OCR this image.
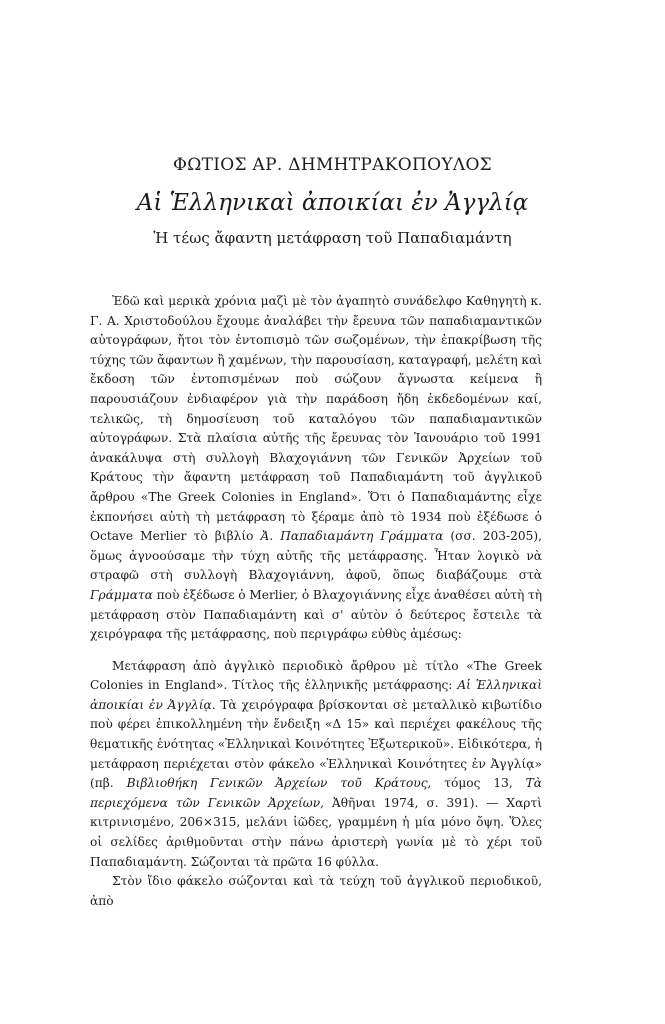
ΦΩΤΙΟΣ ΑΡ. ΔΗΜΗΤΡΑΚΟΠΟΥΛΟΣ
Αἱ Ἑλληνικαὶ ἀποικίαι ἐν Ἀγγλίᾳ
Ἡ τέως ἄφαντη μετάφραση τοῦ Παπαδιαμάντη

Ἐδῶ καὶ μερικὰ χρόνια μαζὶ μὲ τὸν ἀγαπητὸ συνάδελφο Καθηγητὴ κ. Γ. Α. Χριστοδούλου ἔχουμε ἀναλάβει τὴν ἔρευνα τῶν παπαδιαμαντικῶν αὐτογράφων, ἤτοι τὸν ἐντοπισμὸ τῶν σωζομένων, τὴν ἐπακρίβωση τῆς τύχης τῶν ἄφαντων ἢ χαμένων, τὴν παρουσίαση, καταγραφή, μελέτη καὶ ἔκδοση τῶν ἐντοπισμένων ποὺ σώζουν ἄγνωστα κείμενα ἢ παρουσιάζουν ἐνδιαφέρον γιὰ τὴν παράδοση ἤδη ἐκδεδομένων καί, τελικῶς, τὴ δημοσίευση τοῦ καταλόγου τῶν παπαδιαμαντικῶν αὐτογράφων. Στὰ πλαίσια αὐτῆς τῆς ἔρευνας τὸν Ἰανουάριο τοῦ 1991 ἀνακάλυψα στὴ συλλογὴ Βλαχογιάννη τῶν Γενικῶν Ἀρχείων τοῦ Κράτους τὴν ἄφαντη μετάφραση τοῦ Παπαδιαμάντη τοῦ ἀγγλικοῦ ἄρθρου «The Greek Colonies in England». Ὅτι ὁ Παπαδιαμάντης εἶχε ἐκπονήσει αὐτὴ τὴ μετάφραση τὸ ξέραμε ἀπὸ τὸ 1934 ποὺ ἐξέδωσε ὁ Octave Merlier τὸ βιβλίο Ἀ. Παπαδιαμάντη Γράμματα (σσ. 203-205), ὅμως ἀγνοούσαμε τὴν τύχη αὐτῆς τῆς μετάφρασης. Ἦταν λογικὸ νὰ στραφῶ στὴ συλλογὴ Βλαχογιάννη, ἀφοῦ, ὅπως διαβάζουμε στὰ Γράμματα ποὺ ἐξέδωσε ὁ Merlier, ὁ Βλαχογιάννης εἶχε ἀναθέσει αὐτὴ τὴ μετάφραση στὸν Παπαδιαμάντη καὶ σ' αὐτὸν ὁ δεύτερος ἔστειλε τὰ χειρόγραφα τῆς μετάφρασης, ποὺ περιγράφω εὐθὺς ἀμέσως:

Μετάφραση ἀπὸ ἀγγλικὸ περιοδικὸ ἄρθρου μὲ τίτλο «The Greek Colonies in England». Τίτλος τῆς ἑλληνικῆς μετάφρασης: Αἱ Ἑλληνικαὶ ἀποικίαι ἐν Ἀγγλίᾳ. Τὰ χειρόγραφα βρίσκονται σὲ μεταλλικὸ κιβωτίδιο ποὺ φέρει ἐπικολλημένη τὴν ἔνδειξη «Δ 15» καὶ περιέχει φακέλους τῆς θεματικῆς ἑνότητας «Ἑλληνικαὶ Κοινότητες Ἐξωτερικοῦ». Εἰδικότερα, ἡ μετάφραση περιέχεται στὸν φάκελο «Ἑλληνικαὶ Κοινότητες ἐν Ἀγγλίᾳ» (πβ. Βιβλιοθήκη Γενικῶν Ἀρχείων τοῦ Κράτους, τόμος 13, Τὰ περιεχόμενα τῶν Γενικῶν Ἀρχείων, Ἀθῆναι 1974, σ. 391). — Χαρτὶ κιτρινισμένο, 206×315, μελάνι ἰῶδες, γραμμένη ἡ μία μόνο ὄψη. Ὅλες οἱ σελίδες ἀριθμοῦνται στὴν πάνω ἀριστερὴ γωνία μὲ τὸ χέρι τοῦ Παπαδιαμάντη. Σώζονται τὰ πρῶτα 16 φύλλα.

Στὸν ἴδιο φάκελο σώζονται καὶ τὰ τεύχη τοῦ ἀγγλικοῦ περιοδικοῦ, ἀπὸ
